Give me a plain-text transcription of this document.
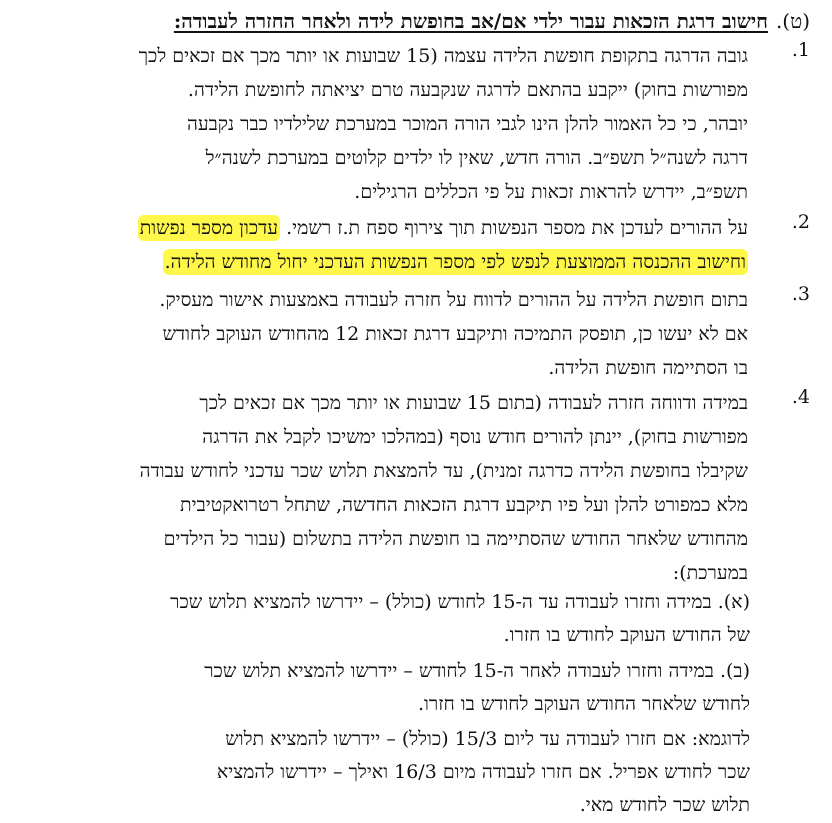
(ט).חישוב דרגת הזכאות עבור ילדי אם/אב בחופשת לידה ולאחר החזרה לעבודה:
1.
גובה הדרגה בתקופת חופשת הלידה עצמה (15 שבועות או יותר מכך אם זכאים לכך
מפורשות בחוק) ייקבע בהתאם לדרגה שנקבעה טרם יציאתה לחופשת הלידה.
יובהר, כי כל האמור להלן הינו לגבי הורה המוכר במערכת שלילדיו כבר נקבעה
דרגה לשנה״ל תשפ״ב. הורה חדש, שאין לו ילדים קלוטים במערכת לשנה״ל
תשפ״ב, יידרש להראות זכאות על פי הכללים הרגילים.
2.
על ההורים לעדכן את מספר הנפשות תוך צירוף ספח ת.ז רשמי. עדכון מספר נפשות
וחישוב ההכנסה הממוצעת לנפש לפי מספר הנפשות העדכני יחול מחודש הלידה.
3.
בתום חופשת הלידה על ההורים לדווח על חזרה לעבודה באמצעות אישור מעסיק.
אם לא יעשו כן, תופסק התמיכה ותיקבע דרגת זכאות 12 מהחודש העוקב לחודש
בו הסתיימה חופשת הלידה.
4.
במידה ודווחה חזרה לעבודה (בתום 15 שבועות או יותר מכך אם זכאים לכך
מפורשות בחוק), יינתן להורים חודש נוסף (במהלכו ימשיכו לקבל את הדרגה
שקיבלו בחופשת הלידה כדרגה זמנית), עד להמצאת תלוש שכר עדכני לחודש עבודה
מלא כמפורט להלן ועל פיו תיקבע דרגת הזכאות החדשה, שתחל רטרואקטיבית
מהחודש שלאחר החודש שהסתיימה בו חופשת הלידה בתשלום (עבור כל הילדים
במערכת):
(א). במידה וחזרו לעבודה עד ה-15 לחודש (כולל) – יידרשו להמציא תלוש שכר
של החודש העוקב לחודש בו חזרו.
(ב). במידה וחזרו לעבודה לאחר ה-15 לחודש – יידרשו להמציא תלוש שכר
לחודש שלאחר החודש העוקב לחודש בו חזרו.
לדוגמא: אם חזרו לעבודה עד ליום 15/3 (כולל) – יידרשו להמציא תלוש
שכר לחודש אפריל. אם חזרו לעבודה מיום 16/3 ואילך – יידרשו להמציא
תלוש שכר לחודש מאי.
